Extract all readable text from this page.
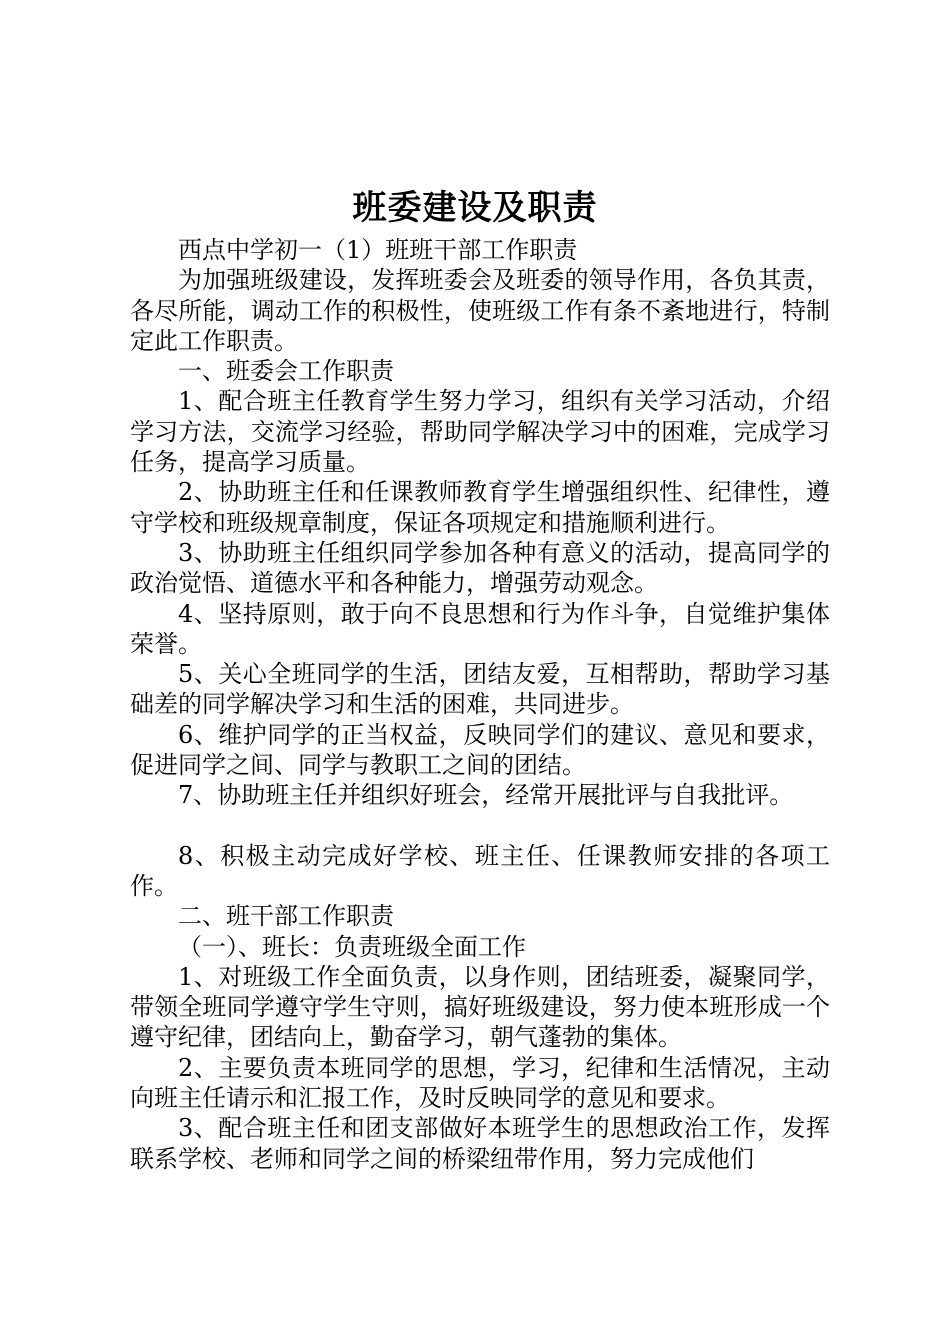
班委建设及职责

西点中学初一（1）班班干部工作职责

为加强班级建设，发挥班委会及班委的领导作用，各负其责，各尽所能，调动工作的积极性，使班级工作有条不紊地进行，特制定此工作职责。

一、班委会工作职责

1、配合班主任教育学生努力学习，组织有关学习活动，介绍学习方法，交流学习经验，帮助同学解决学习中的困难，完成学习任务，提高学习质量。

2、协助班主任和任课教师教育学生增强组织性、纪律性，遵守学校和班级规章制度，保证各项规定和措施顺利进行。

3、协助班主任组织同学参加各种有意义的活动，提高同学的政治觉悟、道德水平和各种能力，增强劳动观念。

4、坚持原则，敢于向不良思想和行为作斗争，自觉维护集体荣誉。

5、关心全班同学的生活，团结友爱，互相帮助，帮助学习基础差的同学解决学习和生活的困难，共同进步。

6、维护同学的正当权益，反映同学们的建议、意见和要求，促进同学之间、同学与教职工之间的团结。

7、协助班主任并组织好班会，经常开展批评与自我批评。

8、积极主动完成好学校、班主任、任课教师安排的各项工作。

二、班干部工作职责

（一）、班长：负责班级全面工作

1、对班级工作全面负责，以身作则，团结班委，凝聚同学，带领全班同学遵守学生守则，搞好班级建设，努力使本班形成一个遵守纪律，团结向上，勤奋学习，朝气蓬勃的集体。

2、主要负责本班同学的思想，学习，纪律和生活情况，主动向班主任请示和汇报工作，及时反映同学的意见和要求。

3、配合班主任和团支部做好本班学生的思想政治工作，发挥联系学校、老师和同学之间的桥梁纽带作用，努力完成他们
